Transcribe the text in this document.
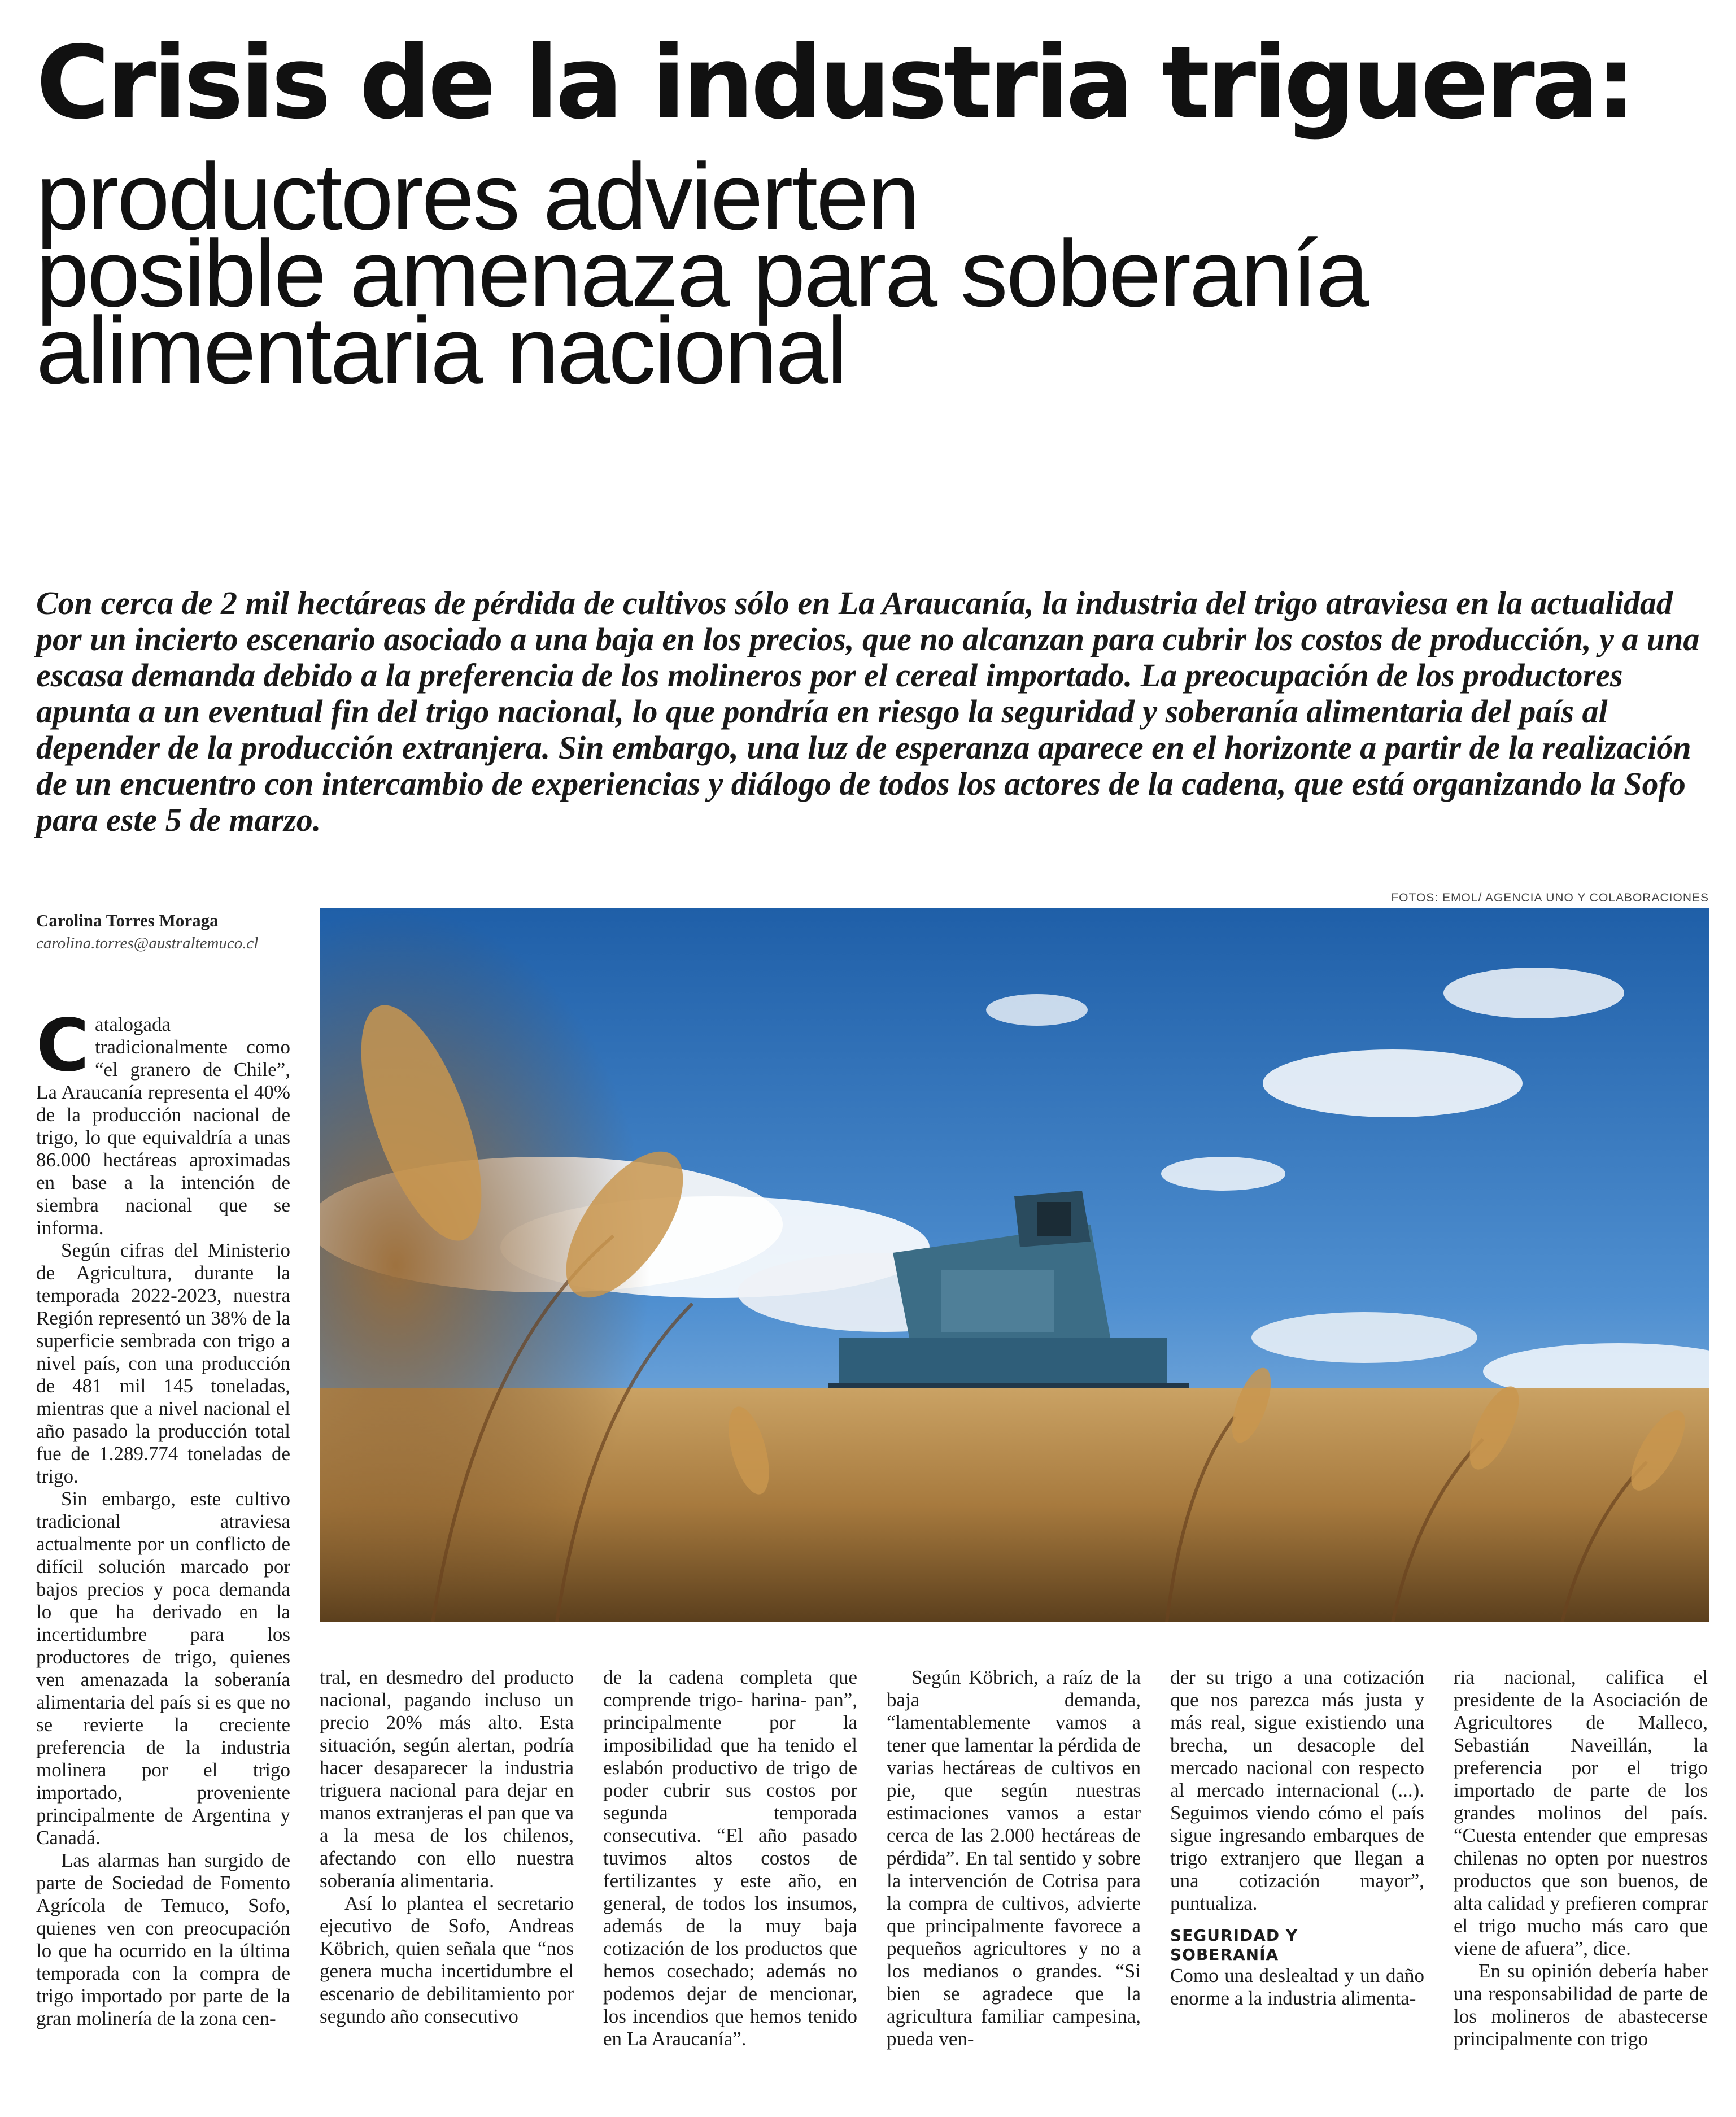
Crisis de la industria triguera:
productores advierten
posible amenaza para soberanía
alimentaria nacional

Con cerca de 2 mil hectáreas de pérdida de cultivos sólo en La Araucanía, la industria del trigo atraviesa en la actualidad por un incierto escenario asociado a una baja en los precios, que no alcanzan para cubrir los costos de producción, y a una escasa demanda debido a la preferencia de los molineros por el cereal importado. La preocupación de los productores apunta a un eventual fin del trigo nacional, lo que pondría en riesgo la seguridad y soberanía alimentaria del país al depender de la producción extranjera. Sin embargo, una luz de esperanza aparece en el horizonte a partir de la realización de un encuentro con intercambio de experiencias y diálogo de todos los actores de la cadena, que está organizando la Sofo para este 5 de marzo.

FOTOS: EMOL/ AGENCIA UNO Y COLABORACIONES
Carolina Torres Moraga
carolina.torres@australtemuco.cl

Catalogada tradicionalmente como “el granero de Chile”, La Araucanía representa el 40% de la producción nacional de trigo, lo que equivaldría a unas 86.000 hectáreas aproximadas en base a la intención de siembra nacional que se informa.

Según cifras del Ministerio de Agricultura, durante la temporada 2022-2023, nuestra Región representó un 38% de la superficie sembrada con trigo a nivel país, con una producción de 481 mil 145 toneladas, mientras que a nivel nacional el año pasado la producción total fue de 1.289.774 toneladas de trigo.

Sin embargo, este cultivo tradicional atraviesa actualmente por un conflicto de difícil solución marcado por bajos precios y poca demanda lo que ha derivado en la incertidumbre para los productores de trigo, quienes ven amenazada la soberanía alimentaria del país si es que no se revierte la creciente preferencia de la industria molinera por el trigo importado, proveniente principalmente de Argentina y Canadá.

Las alarmas han surgido de parte de Sociedad de Fomento Agrícola de Temuco, Sofo, quienes ven con preocupación lo que ha ocurrido en la última temporada con la compra de trigo importado por parte de la gran molinería de la zona cen-

tral, en desmedro del producto nacional, pagando incluso un precio 20% más alto. Esta situación, según alertan, podría hacer desaparecer la industria triguera nacional para dejar en manos extranjeras el pan que va a la mesa de los chilenos, afectando con ello nuestra soberanía alimentaria.

Así lo plantea el secretario ejecutivo de Sofo, Andreas Köbrich, quien señala que “nos genera mucha incertidumbre el escenario de debilitamiento por segundo año consecutivo

de la cadena completa que comprende trigo- harina- pan”, principalmente por la imposibilidad que ha tenido el eslabón productivo de trigo de poder cubrir sus costos por segunda temporada consecutiva. “El año pasado tuvimos altos costos de fertilizantes y este año, en general, de todos los insumos, además de la muy baja cotización de los productos que hemos cosechado; además no podemos dejar de mencionar, los incendios que hemos tenido en La Araucanía”.

Según Köbrich, a raíz de la baja demanda, “lamentablemente vamos a tener que lamentar la pérdida de varias hectáreas de cultivos en pie, que según nuestras estimaciones vamos a estar cerca de las 2.000 hectáreas de pérdida”. En tal sentido y sobre la intervención de Cotrisa para la compra de cultivos, advierte que principalmente favorece a pequeños agricultores y no a los medianos o grandes. “Si bien se agradece que la agricultura familiar campesina, pueda ven-

der su trigo a una cotización que nos parezca más justa y más real, sigue existiendo una brecha, un desacople del mercado nacional con respecto al mercado internacional (...). Seguimos viendo cómo el país sigue ingresando embarques de trigo extranjero que llegan a una cotización mayor”, puntualiza.

SEGURIDAD Y
SOBERANÍA

Como una deslealtad y un daño enorme a la industria alimenta-

ria nacional, califica el presidente de la Asociación de Agricultores de Malleco, Sebastián Naveillán, la preferencia por el trigo importado de parte de los grandes molinos del país. “Cuesta entender que empresas chilenas no opten por nuestros productos que son buenos, de alta calidad y prefieren comprar el trigo mucho más caro que viene de afuera”, dice.

En su opinión debería haber una responsabilidad de parte de los molineros de abastecerse principalmente con trigo
